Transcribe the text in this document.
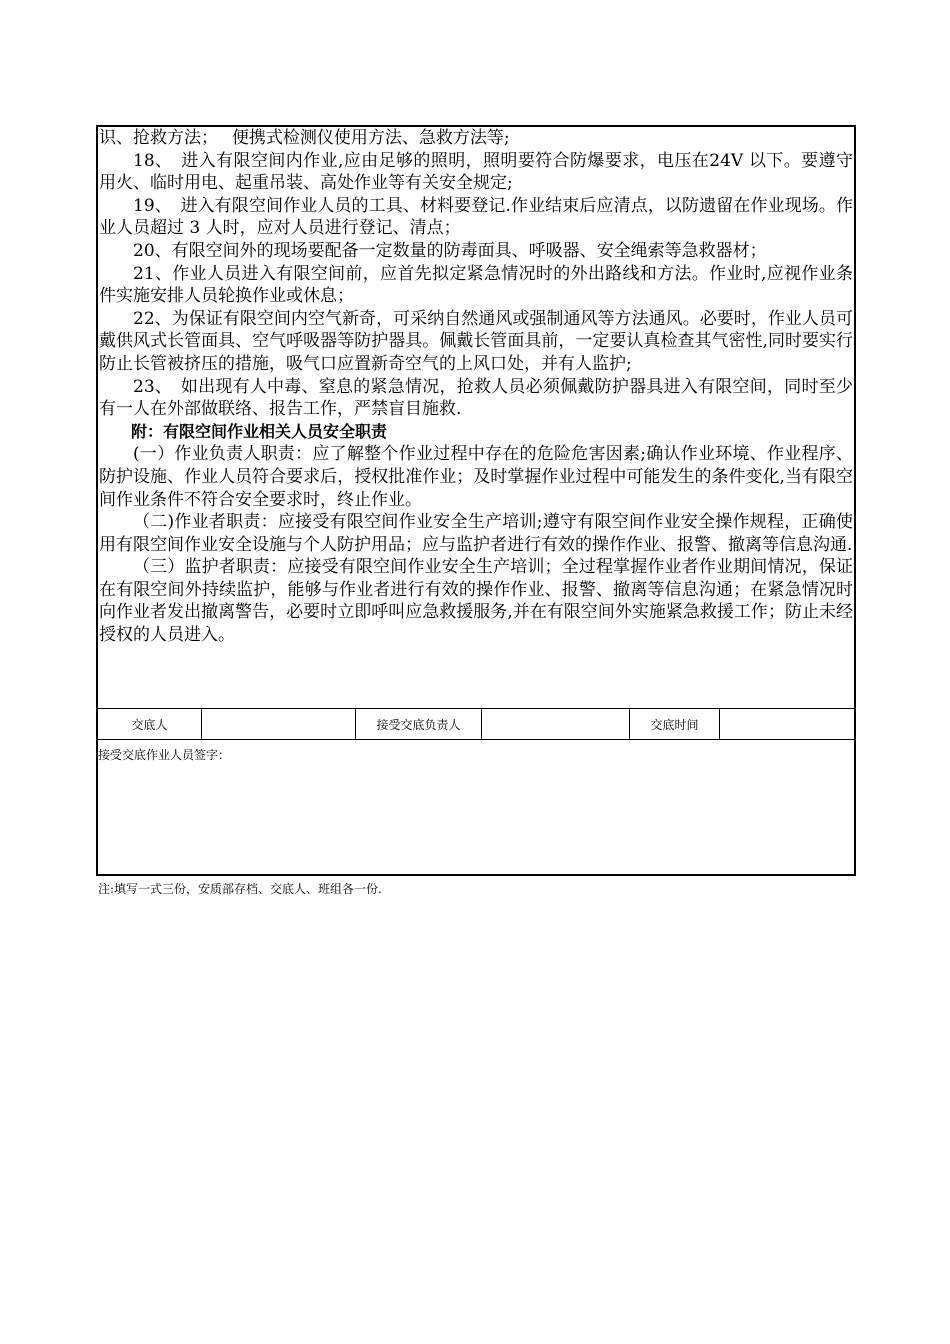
识、抢救方法；　 便携式检测仪使用方法、急救方法等;

18、　进入有限空间内作业,应由足够的照明，照明要符合防爆要求，电压在24V 以下。要遵守用火、临时用电、起重吊装、高处作业等有关安全规定;

19、　进入有限空间作业人员的工具、材料要登记.作业结束后应清点，以防遗留在作业现场。作业人员超过 3 人时，应对人员进行登记、清点；

20、有限空间外的现场要配备一定数量的防毒面具、呼吸器、安全绳索等急救器材；

21、作业人员进入有限空间前，应首先拟定紧急情况时的外出路线和方法。作业时,应视作业条件实施安排人员轮换作业或休息；

22、为保证有限空间内空气新奇，可采纳自然通风或强制通风等方法通风。必要时，作业人员可戴供风式长管面具、空气呼吸器等防护器具。佩戴长管面具前，一定要认真检查其气密性,同时要实行防止长管被挤压的措施，吸气口应置新奇空气的上风口处，并有人监护;

23、　如出现有人中毒、窒息的紧急情况，抢救人员必须佩戴防护器具进入有限空间，同时至少有一人在外部做联络、报告工作，严禁盲目施救.

附：有限空间作业相关人员安全职责

(一）作业负责人职责：应了解整个作业过程中存在的危险危害因素;确认作业环境、作业程序、防护设施、作业人员符合要求后，授权批准作业；及时掌握作业过程中可能发生的条件变化,当有限空间作业条件不符合安全要求时，终止作业。

（二)作业者职责：应接受有限空间作业安全生产培训;遵守有限空间作业安全操作规程，正确使用有限空间作业安全设施与个人防护用品；应与监护者进行有效的操作作业、报警、撤离等信息沟通.

（三）监护者职责：应接受有限空间作业安全生产培训；全过程掌握作业者作业期间情况，保证在有限空间外持续监护，能够与作业者进行有效的操作作业、报警、撤离等信息沟通；在紧急情况时向作业者发出撤离警告，必要时立即呼叫应急救援服务,并在有限空间外实施紧急救援工作；防止未经授权的人员进入。

交底人	接受交底负责人	交底时间
接受交底作业人员签字：
注:填写一式三份，安质部存档、交底人、班组各一份.
